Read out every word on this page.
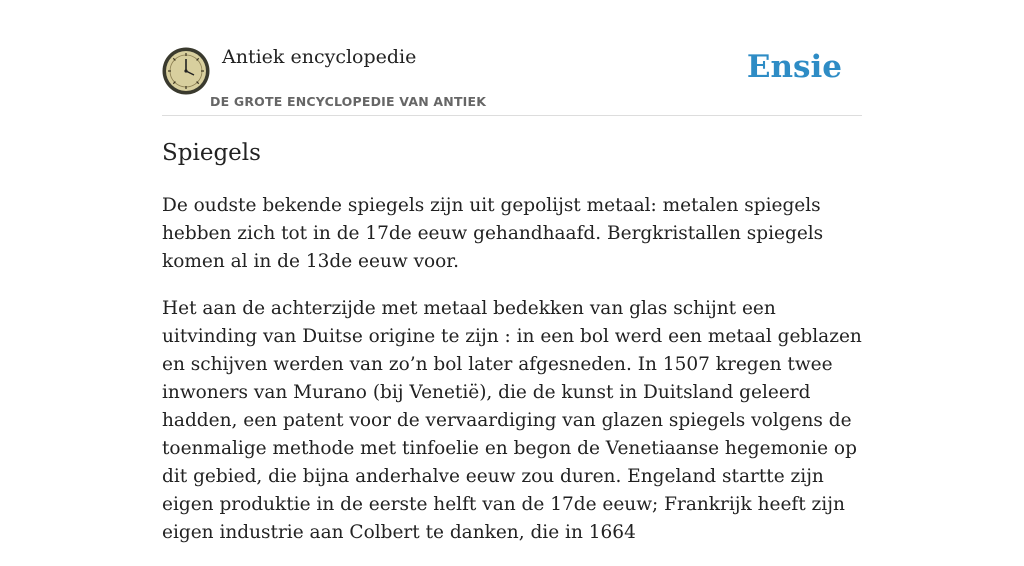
Antiek encyclopedie
DE GROTE ENCYCLOPEDIE VAN ANTIEK
Ensie
Spiegels

De oudste bekende spiegels zijn uit gepolijst metaal: metalen spiegels hebben zich tot in de 17de eeuw gehandhaafd. Bergkristallen spiegels komen al in de 13de eeuw voor.

Het aan de achterzijde met metaal bedekken van glas schijnt een uitvinding van Duitse origine te zijn : in een bol werd een metaal geblazen en schijven werden van zo’n bol later afgesneden. In 1507 kregen twee inwoners van Murano (bij Venetië), die de kunst in Duitsland geleerd hadden, een patent voor de vervaardiging van glazen spiegels volgens de toenmalige methode met tinfoelie en begon de Venetiaanse hegemonie op dit gebied, die bijna anderhalve eeuw zou duren. Engeland startte zijn eigen produktie in de eerste helft van de 17de eeuw; Frankrijk heeft zijn eigen industrie aan Colbert te danken, die in 1664
